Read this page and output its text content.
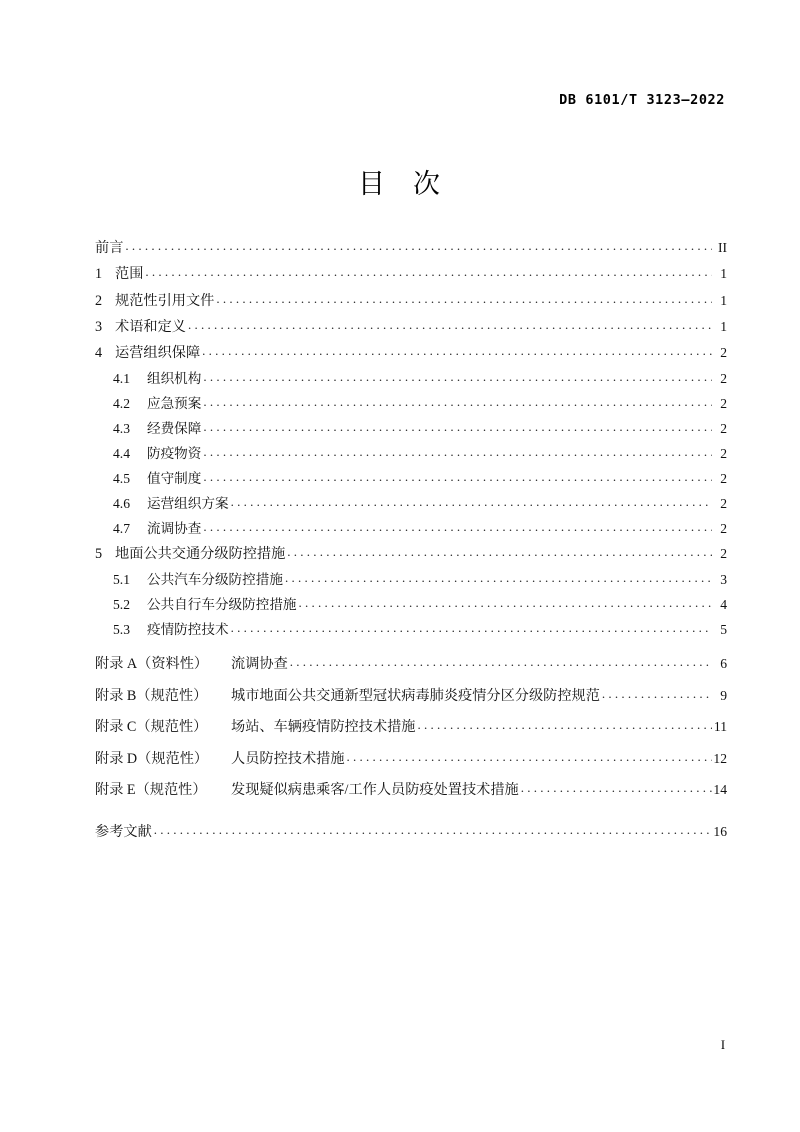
DB 6101/T 3123—2022
目 次
前言 . . .	II
1 范围 . . .	1
2 规范性引用文件 . . .	1
3 术语和定义 . . .	1
4 运营组织保障 . . .	2
4.1	组织机构 . . .	2
4.2	应急预案 . . .	2
4.3	经费保障 . . .	2
4.4	防疫物资 . . .	2
4.5	值守制度 . . .	2
4.6	运营组织方案 . . .	2
4.7	流调协查 . . .	2
5 地面公共交通分级防控措施 . . .	2
5.1	公共汽车分级防控措施 . . .	3
5.2	公共自行车分级防控措施 . . .	4
5.3	疫情防控技术 . . .	5
附录 A（资料性）	流调协查 . . .	6
附录 B（规范性）	城市地面公共交通新型冠状病毒肺炎疫情分区分级防控规范 . . .	9
附录 C（规范性）	场站、车辆疫情防控技术措施 . . .	11
附录 D（规范性）	人员防控技术措施 . . .	12
附录 E（规范性）	发现疑似病患乘客/工作人员防疫处置技术措施 . . .	14
参考文献 . . .	16
I
